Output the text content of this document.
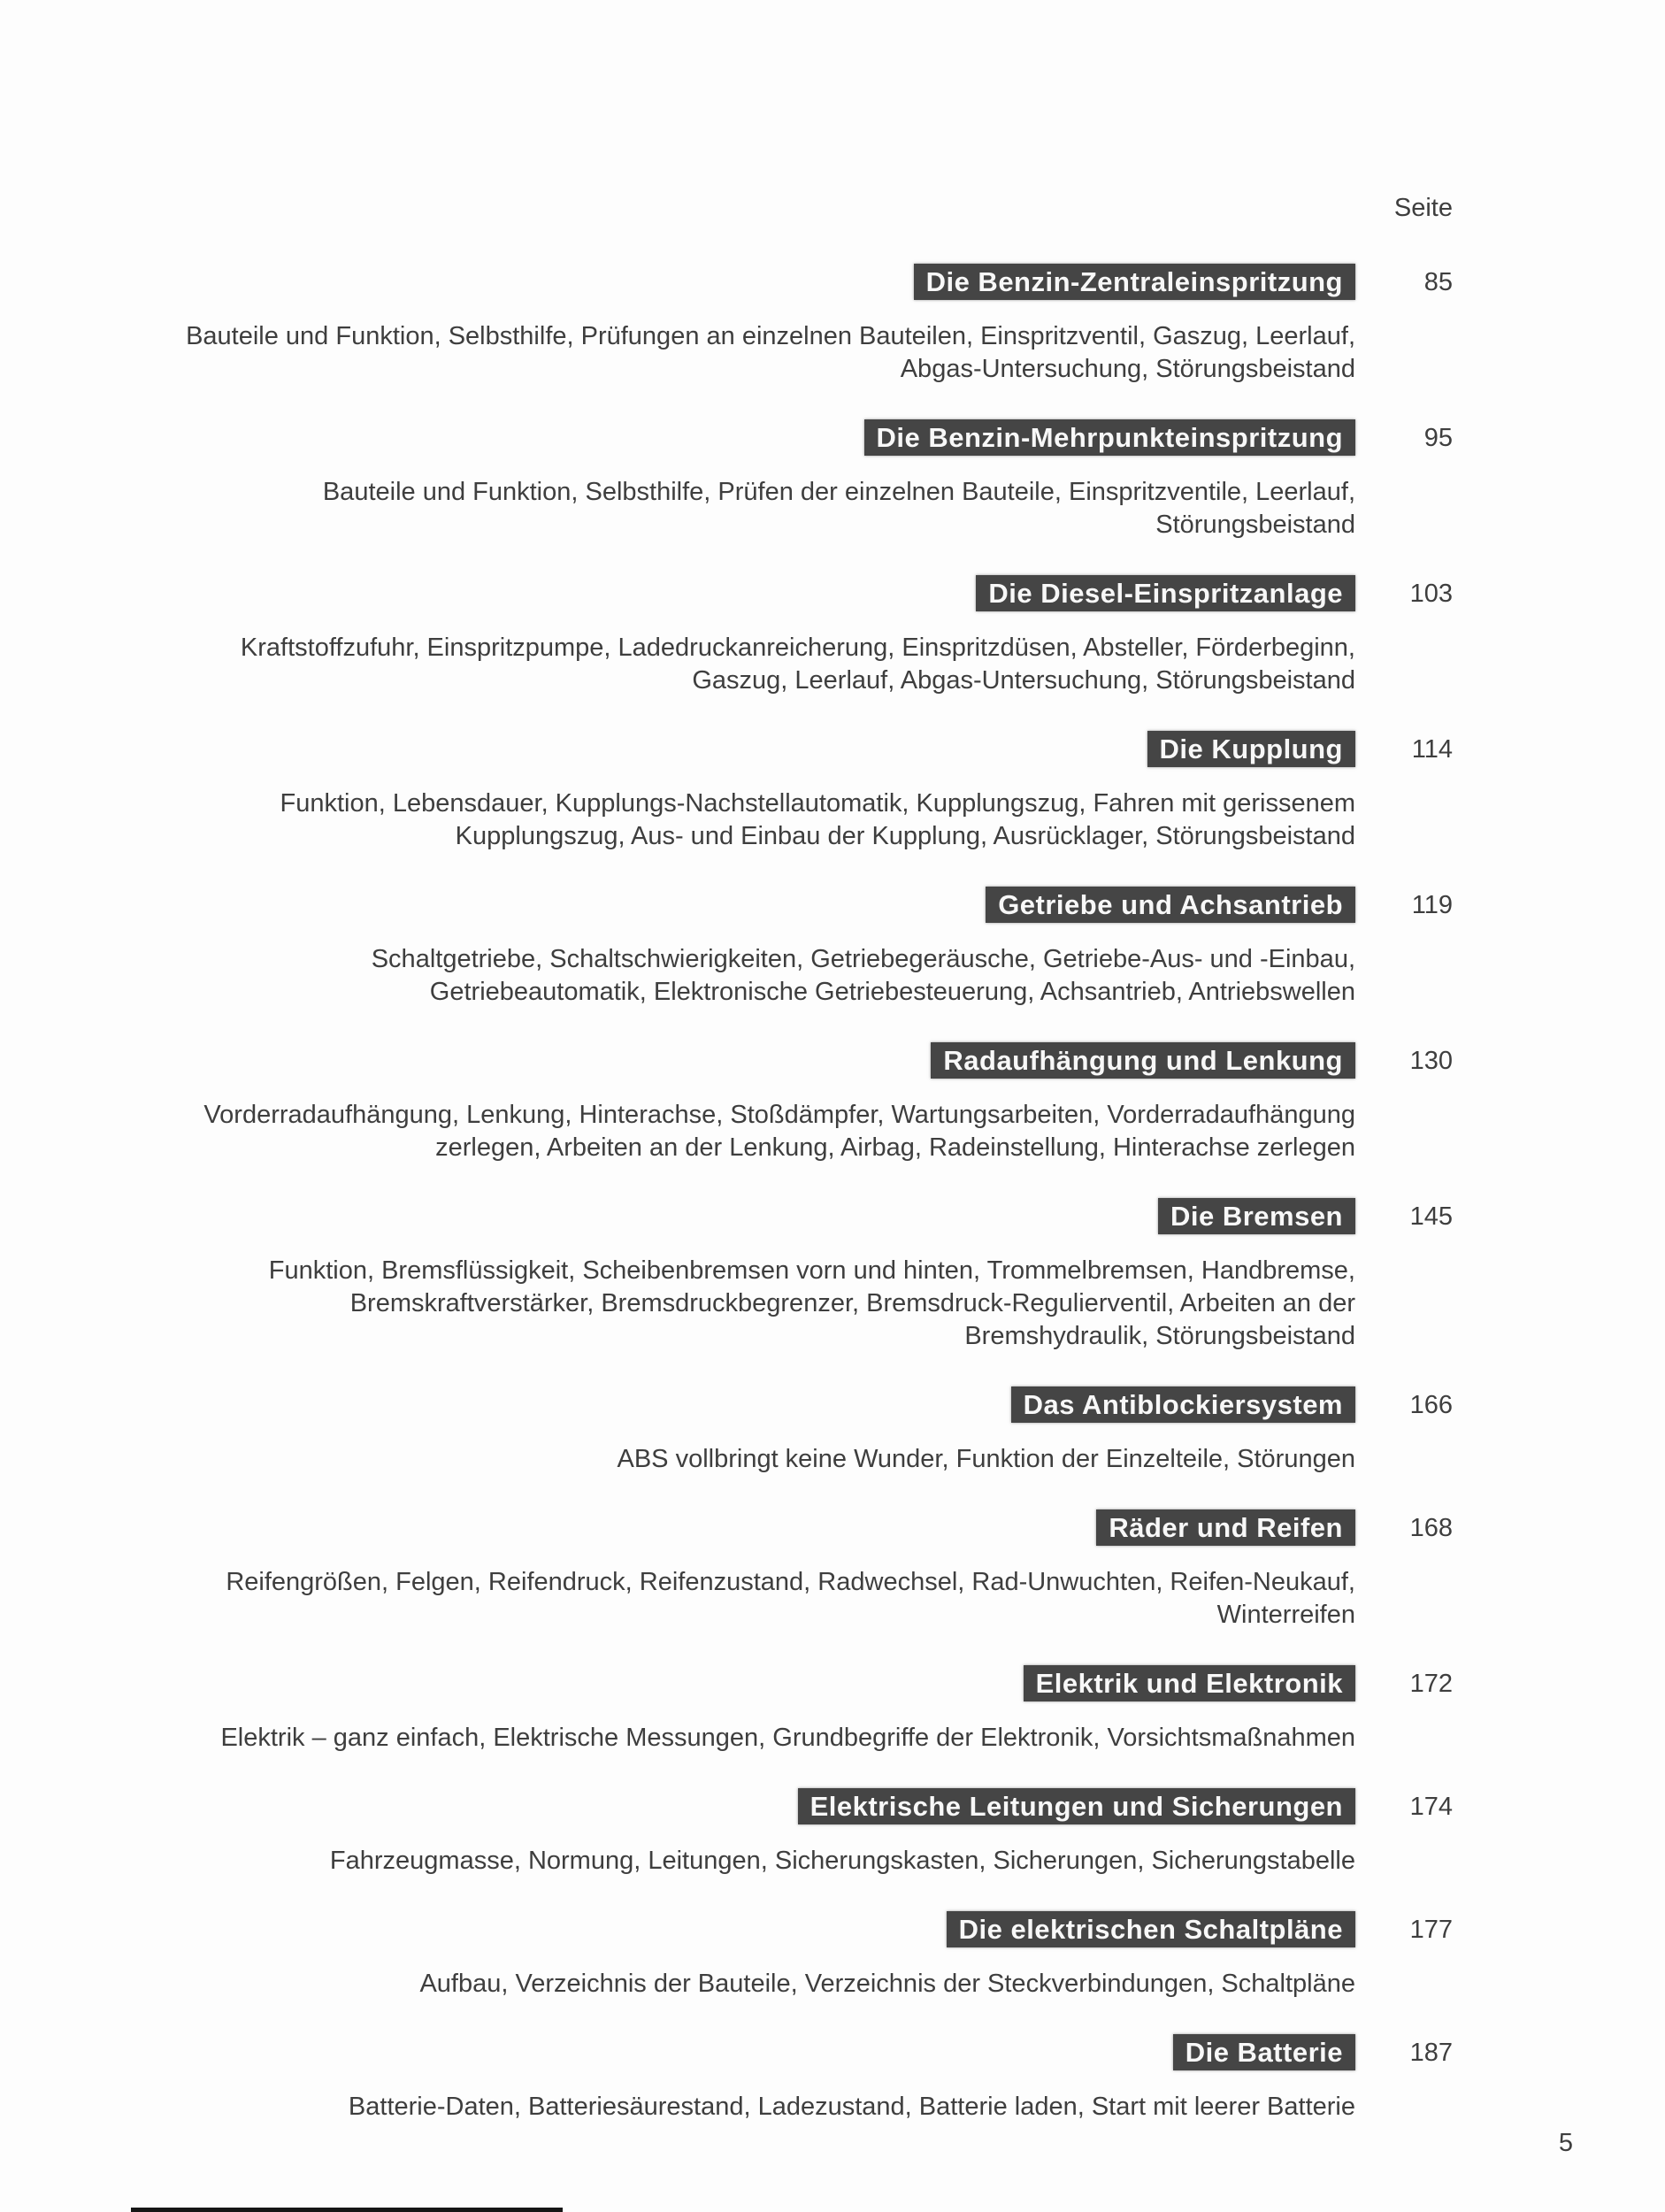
Seite
Die Benzin-Zentraleinspritzung

Bauteile und Funktion, Selbsthilfe, Prüfungen an einzelnen Bauteilen, Einspritzventil, Gaszug, Leerlauf, Abgas-Untersuchung, Störungsbeistand

85
Die Benzin-Mehrpunkteinspritzung

Bauteile und Funktion, Selbsthilfe, Prüfen der einzelnen Bauteile, Einspritzventile, Leerlauf, Störungsbeistand

95
Die Diesel-Einspritzanlage

Kraftstoffzufuhr, Einspritzpumpe, Ladedruckanreicherung, Einspritzdüsen, Absteller, Förderbeginn, Gaszug, Leerlauf, Abgas-Untersuchung, Störungsbeistand

103
Die Kupplung

Funktion, Lebensdauer, Kupplungs-Nachstellautomatik, Kupplungszug, Fahren mit gerissenem Kupplungszug, Aus- und Einbau der Kupplung, Ausrücklager, Störungsbeistand

114
Getriebe und Achsantrieb

Schaltgetriebe, Schaltschwierigkeiten, Getriebegeräusche, Getriebe-Aus- und -Einbau, Getriebeautomatik, Elektronische Getriebesteuerung, Achsantrieb, Antriebswellen

119
Radaufhängung und Lenkung

Vorderradaufhängung, Lenkung, Hinterachse, Stoßdämpfer, Wartungsarbeiten, Vorderradaufhängung zerlegen, Arbeiten an der Lenkung, Airbag, Radeinstellung, Hinterachse zerlegen

130
Die Bremsen

Funktion, Bremsflüssigkeit, Scheibenbremsen vorn und hinten, Trommelbremsen, Handbremse, Bremskraftverstärker, Bremsdruckbegrenzer, Bremsdruck-Regulierventil, Arbeiten an der Bremshydraulik, Störungsbeistand

145
Das Antiblockiersystem

ABS vollbringt keine Wunder, Funktion der Einzelteile, Störungen

166
Räder und Reifen

Reifengrößen, Felgen, Reifendruck, Reifenzustand, Radwechsel, Rad-Unwuchten, Reifen-Neukauf, Winterreifen

168
Elektrik und Elektronik

Elektrik – ganz einfach, Elektrische Messungen, Grundbegriffe der Elektronik, Vorsichtsmaßnahmen

172
Elektrische Leitungen und Sicherungen

Fahrzeugmasse, Normung, Leitungen, Sicherungskasten, Sicherungen, Sicherungstabelle

174
Die elektrischen Schaltpläne

Aufbau, Verzeichnis der Bauteile, Verzeichnis der Steckverbindungen, Schaltpläne

177
Die Batterie

Batterie-Daten, Batteriesäurestand, Ladezustand, Batterie laden, Start mit leerer Batterie

187
5
